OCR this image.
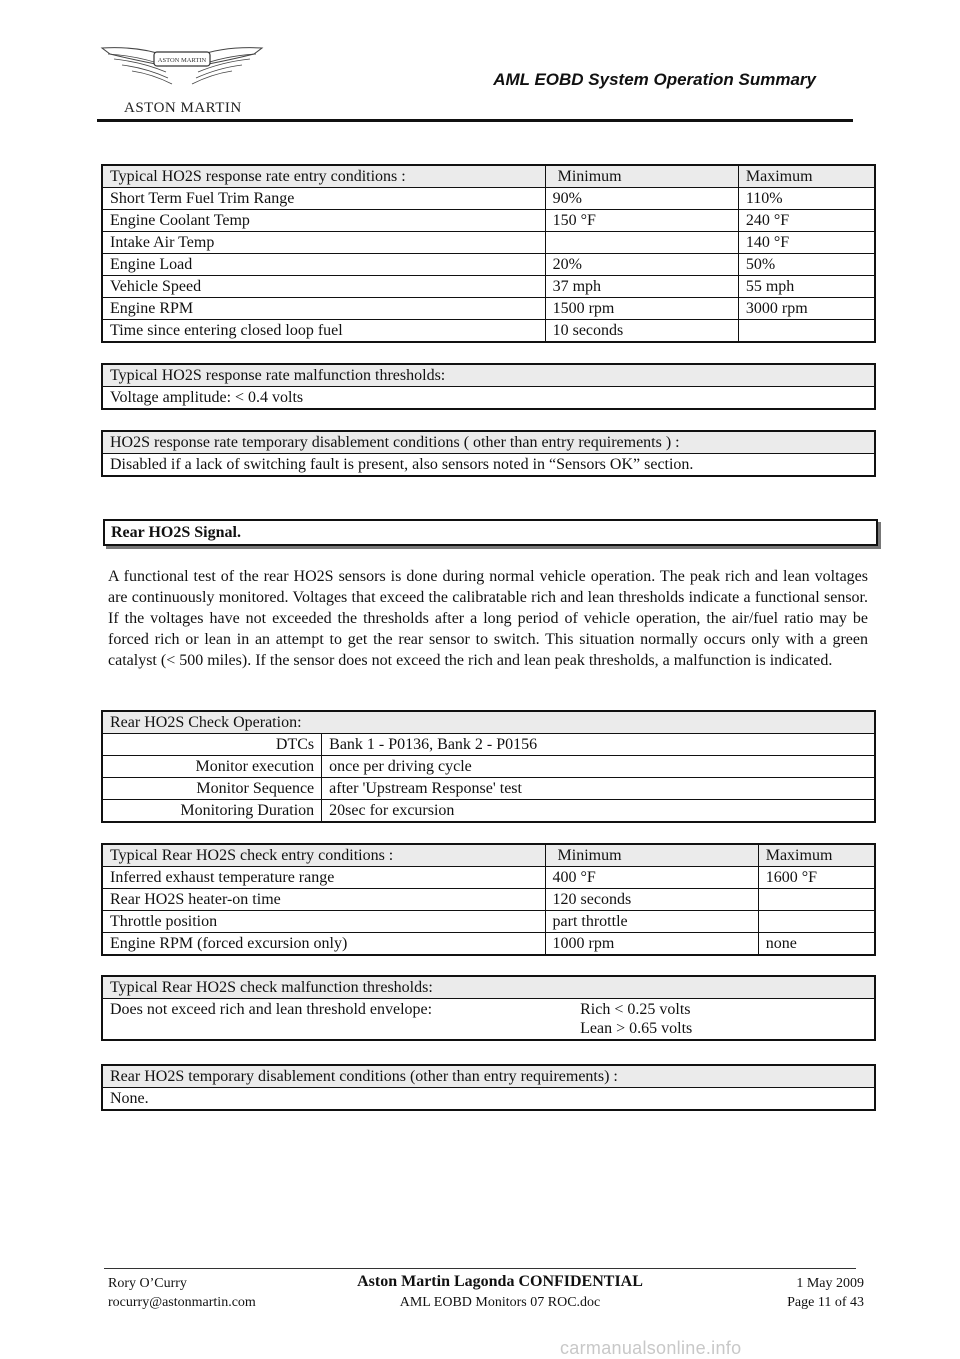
ASTON MARTIN
ASTON MARTIN
AML EOBD System Operation Summary
Typical HO2S response rate entry conditions :	Minimum	Maximum
Short Term Fuel Trim Range	90%	110%
Engine Coolant Temp	150 °F	240 °F
Intake Air Temp		140 °F
Engine Load	20%	50%
Vehicle Speed	37 mph	55 mph
Engine RPM	1500 rpm	3000 rpm
Time since entering closed loop fuel	10 seconds	
Typical HO2S response rate malfunction thresholds:
Voltage amplitude: < 0.4 volts
HO2S response rate temporary disablement conditions ( other than entry requirements ) :
Disabled if a lack of switching fault is present, also sensors noted in “Sensors OK” section.
Rear HO2S Signal.

A functional test of the rear HO2S sensors is done during normal vehicle operation. The peak rich and lean voltages are continuously monitored. Voltages that exceed the calibratable rich and lean thresholds indicate a functional sensor. If the voltages have not exceeded the thresholds after a long period of vehicle operation, the air/fuel ratio may be forced rich or lean in an attempt to get the rear sensor to switch. This situation normally occurs only with a green catalyst (< 500 miles). If the sensor does not exceed the rich and lean peak thresholds, a malfunction is indicated.

Rear HO2S Check Operation:	
DTCs	Bank 1 - P0136, Bank 2 - P0156
Monitor execution	once per driving cycle
Monitor Sequence	after 'Upstream Response' test
Monitoring Duration	20sec for excursion
Typical Rear HO2S check entry conditions :	Minimum	Maximum
Inferred exhaust temperature range	400 °F	1600 °F
Rear HO2S heater-on time	120 seconds	
Throttle position	part throttle	
Engine RPM (forced excursion only)	1000 rpm	none
Typical Rear HO2S check malfunction thresholds:
Does not exceed rich and lean threshold envelope:	Rich < 0.25 volts
Lean > 0.65 volts
Rear HO2S temporary disablement conditions (other than entry requirements) :
None.
Rory O’Curry
rocurry@astonmartin.com
Aston Martin Lagonda CONFIDENTIAL
AML EOBD Monitors 07 ROC.doc
1 May 2009
Page 11 of 43
carmanualsonline.info
